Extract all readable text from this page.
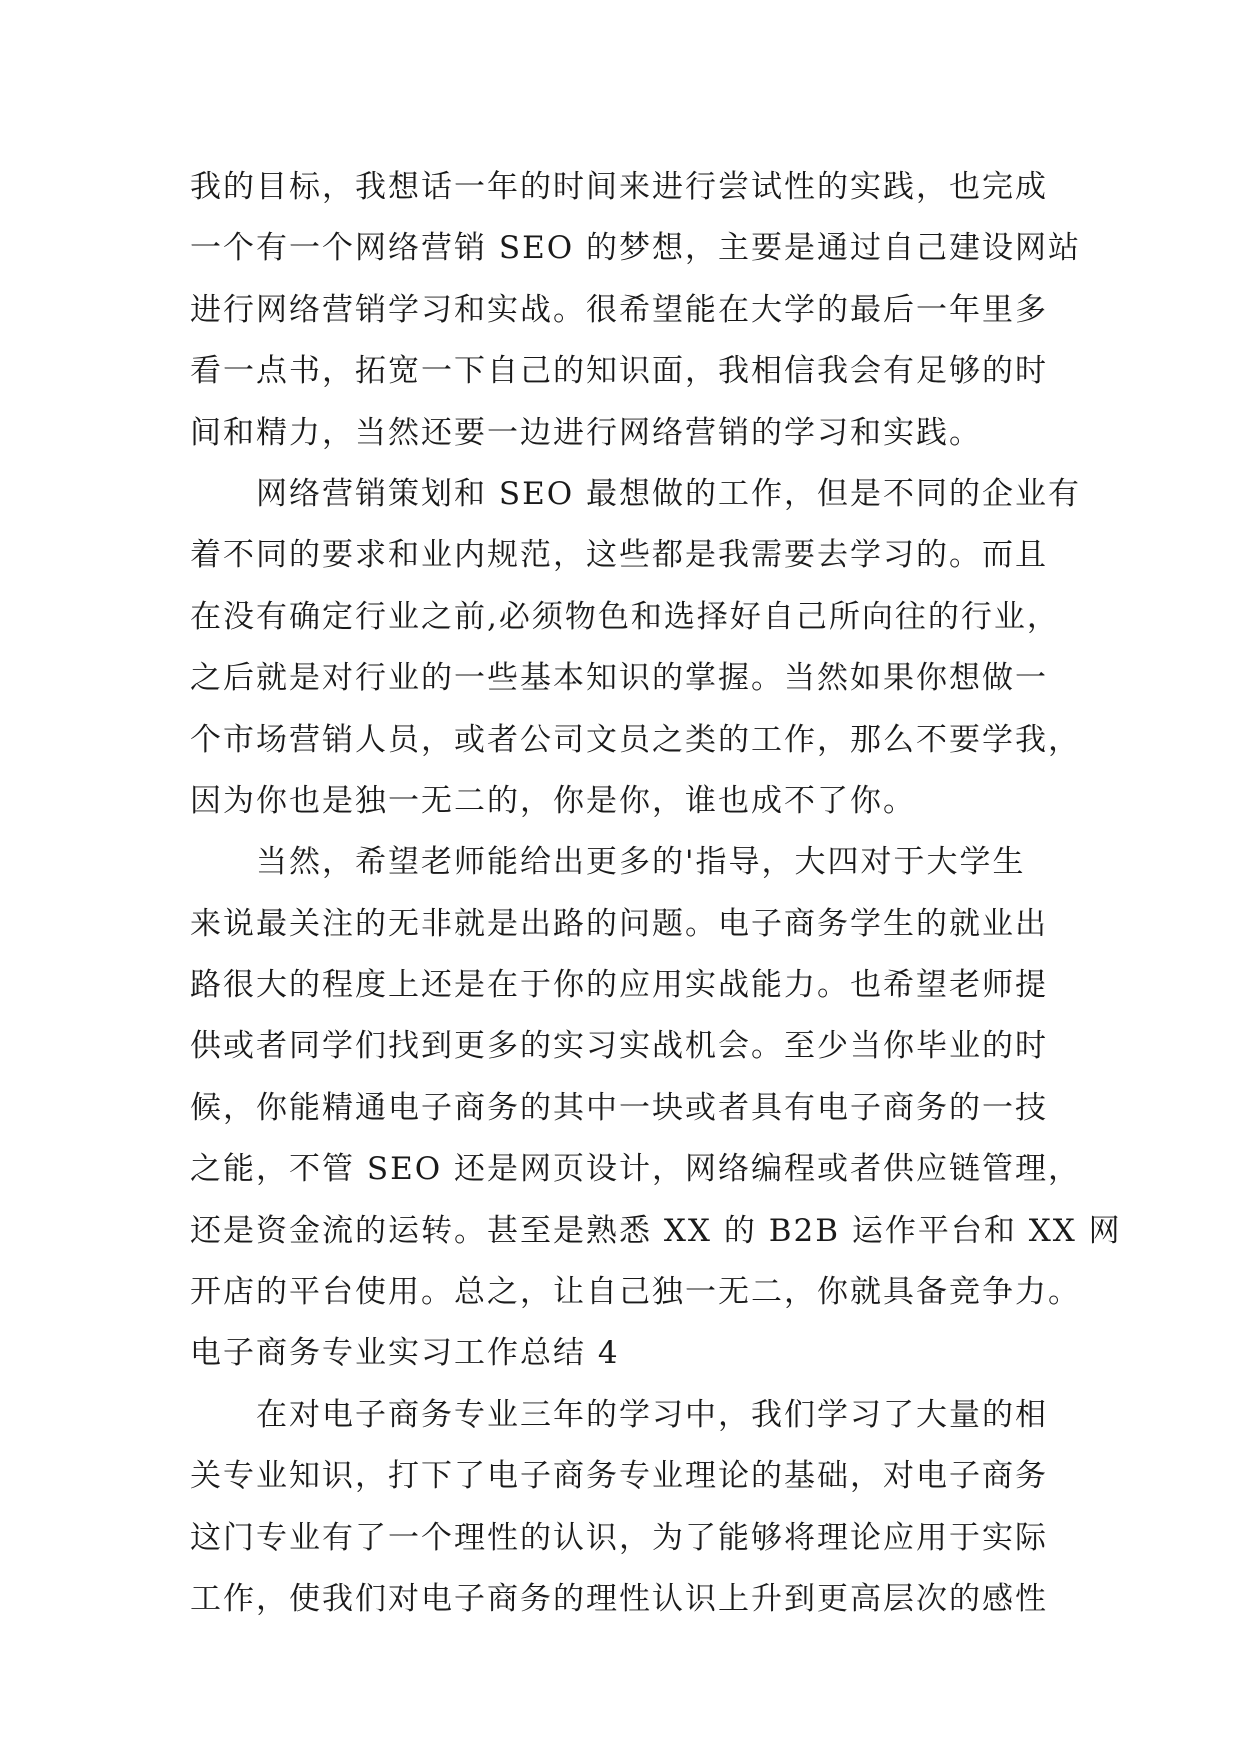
我的目标，我想话一年的时间来进行尝试性的实践，也完成
一个有一个网络营销 SEO 的梦想，主要是通过自己建设网站
进行网络营销学习和实战。很希望能在大学的最后一年里多
看一点书，拓宽一下自己的知识面，我相信我会有足够的时
间和精力，当然还要一边进行网络营销的学习和实践。
　　网络营销策划和 SEO 最想做的工作，但是不同的企业有
着不同的要求和业内规范，这些都是我需要去学习的。而且
在没有确定行业之前,必须物色和选择好自己所向往的行业，
之后就是对行业的一些基本知识的掌握。当然如果你想做一
个市场营销人员，或者公司文员之类的工作，那么不要学我，
因为你也是独一无二的，你是你，谁也成不了你。
　　当然，希望老师能给出更多的'指导，大四对于大学生
来说最关注的无非就是出路的问题。电子商务学生的就业出
路很大的程度上还是在于你的应用实战能力。也希望老师提
供或者同学们找到更多的实习实战机会。至少当你毕业的时
候，你能精通电子商务的其中一块或者具有电子商务的一技
之能，不管 SEO 还是网页设计，网络编程或者供应链管理，
还是资金流的运转。甚至是熟悉 XX 的 B2B 运作平台和 XX 网
开店的平台使用。总之，让自己独一无二，你就具备竞争力。
电子商务专业实习工作总结 4
　　在对电子商务专业三年的学习中，我们学习了大量的相
关专业知识，打下了电子商务专业理论的基础，对电子商务
这门专业有了一个理性的认识，为了能够将理论应用于实际
工作，使我们对电子商务的理性认识上升到更高层次的感性
